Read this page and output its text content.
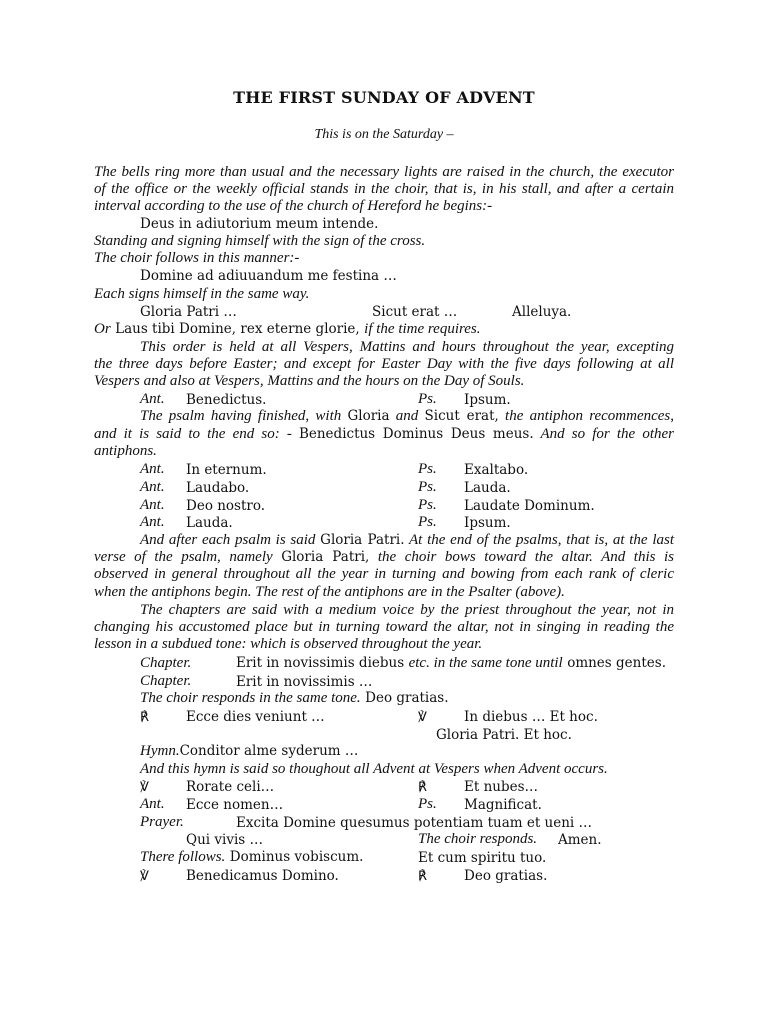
THE FIRST SUNDAY OF ADVENT
This is on the Saturday –
The bells ring more than usual and the necessary lights are raised in the church, the executor
of the office or the weekly official stands in the choir, that is, in his stall, and after a certain
interval according to the use of the church of Hereford he begins:-
Deus in adiutorium meum intende.
Standing and signing himself with the sign of the cross.
The choir follows in this manner:-
Domine ad adiuuandum me festina …
Each signs himself in the same way.
Gloria Patri …	Sicut erat …	Alleluya.
Or Laus tibi Domine, rex eterne glorie, if the time requires.
This order is held at all Vespers, Mattins and hours throughout the year, excepting
the three days before Easter; and except for Easter Day with the five days following at all
Vespers and also at Vespers, Mattins and the hours on the Day of Souls.
Ant. Benedictus.	Ps. Ipsum.
The psalm having finished, with Gloria and Sicut erat, the antiphon recommences,
and it is said to the end so: - Benedictus Dominus Deus meus. And so for the other
antiphons.
Ant. In eternum.	Ps. Exaltabo.
Ant. Laudabo.	Ps. Lauda.
Ant. Deo nostro.	Ps. Laudate Dominum.
Ant. Lauda.	Ps. Ipsum.
And after each psalm is said Gloria Patri. At the end of the psalms, that is, at the last
verse of the psalm, namely Gloria Patri, the choir bows toward the altar. And this is
observed in general throughout all the year in turning and bowing from each rank of cleric
when the antiphons begin. The rest of the antiphons are in the Psalter (above).
The chapters are said with a medium voice by the priest throughout the year, not in
changing his accustomed place but in turning toward the altar, not in singing in reading the
lesson in a subdued tone: which is observed throughout the year.
Chapter.	Erit in novissimis diebus etc. in the same tone until omnes gentes.
Chapter.	Erit in novissimis …
The choir responds in the same tone. Deo gratias.
℟	Ecce dies veniunt …	℣	In diebus … Et hoc.
Gloria Patri. Et hoc.
Hymn.Conditor alme syderum …
And this hymn is said so thoughout all Advent at Vespers when Advent occurs.
℣	Rorate celi…	℟	Et nubes…
Ant. Ecce nomen…	Ps. Magnificat.
Prayer.	Excita Domine quesumus potentiam tuam et ueni …
Qui vivis …	The choir responds. Amen.
There follows. Dominus vobiscum.	Et cum spiritu tuo.
℣	Benedicamus Domino.	℟	Deo gratias.
